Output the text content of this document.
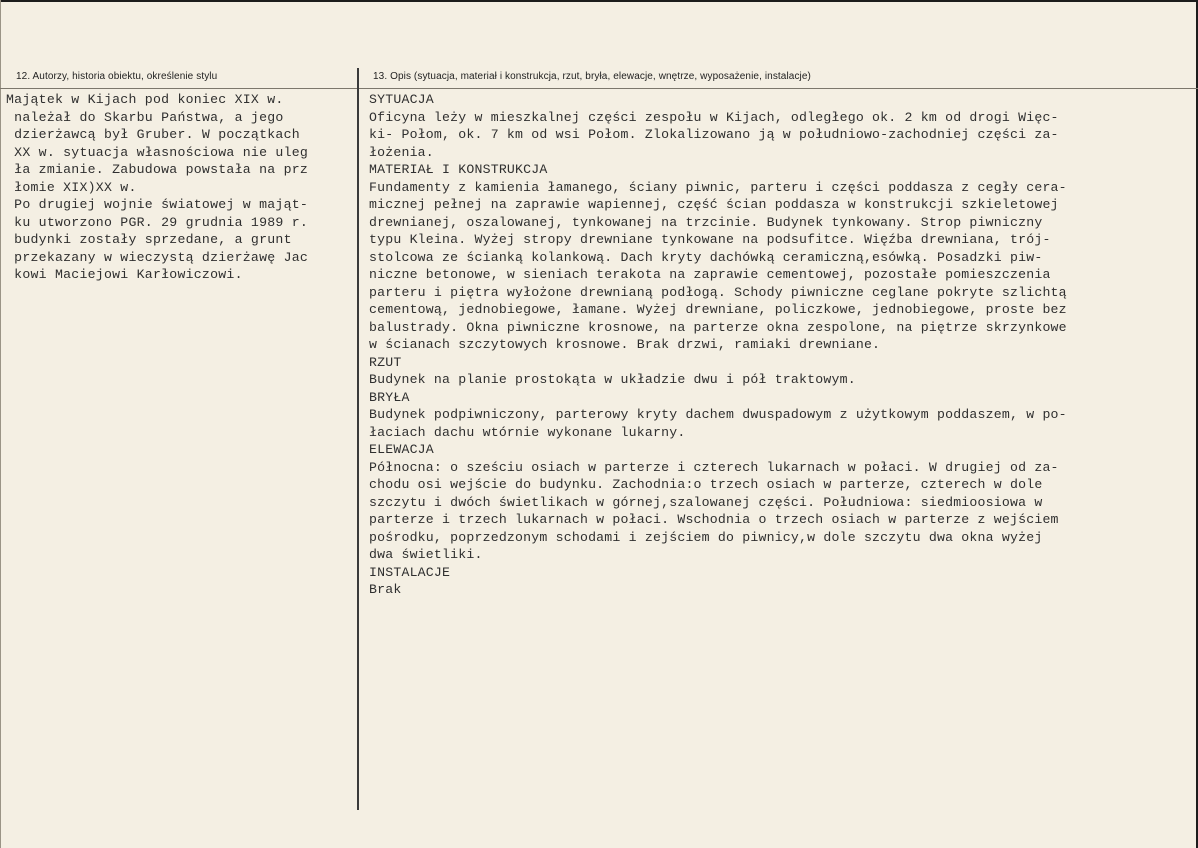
12. Autorzy, historia obiektu, określenie stylu	13. Opis (sytuacja, materiał i konstrukcja, rzut, bryła, elewacje, wnętrze, wyposażenie, instalacje)
Majątek w Kijach pod koniec XIX w.
należał do Skarbu Państwa, a jego
dzierżawcą był Gruber. W początkach
XX w. sytuacja własnościowa nie uleg
ła zmianie. Zabudowa powstała na prz
łomie XIX)XX w.
Po drugiej wojnie światowej w mająt-
ku utworzono PGR. 29 grudnia 1989 r.
budynki zostały sprzedane, a grunt
przekazany w wieczystą dzierżawę Jac
kowi Maciejowi Karłowiczowi.
SYTUACJA
Oficyna leży w mieszkalnej części zespołu w Kijach, odległego ok. 2 km od drogi Więc-
ki- Połom, ok. 7 km od wsi Połom. Zlokalizowano ją w południowo-zachodniej części za-
łożenia.
MATERIAŁ I KONSTRUKCJA
Fundamenty z kamienia łamanego, ściany piwnic, parteru i części poddasza z cegły cera-
micznej pełnej na zaprawie wapiennej, część ścian poddasza w konstrukcji szkieletowej
drewnianej, oszalowanej, tynkowanej na trzcinie. Budynek tynkowany. Strop piwniczny
typu Kleina. Wyżej stropy drewniane tynkowane na podsufitce. Więźba drewniana, trój-
stolcowa ze ścianką kolankową. Dach kryty dachówką ceramiczną,esówką. Posadzki piw-
niczne betonowe, w sieniach terakota na zaprawie cementowej, pozostałe pomieszczenia
parteru i piętra wyłożone drewnianą podłogą. Schody piwniczne ceglane pokryte szlichtą
cementową, jednobiegowe, łamane. Wyżej drewniane, policzkowe, jednobiegowe, proste bez
balustrady. Okna piwniczne krosnowe, na parterze okna zespolone, na piętrze skrzynkowe
w ścianach szczytowych krosnowe. Brak drzwi, ramiaki drewniane.
RZUT
Budynek na planie prostokąta w układzie dwu i pół traktowym.
BRYŁA
Budynek podpiwniczony, parterowy kryty dachem dwuspadowym z użytkowym poddaszem, w po-
łaciach dachu wtórnie wykonane lukarny.
ELEWACJA
Północna: o sześciu osiach w parterze i czterech lukarnach w połaci. W drugiej od za-
chodu osi wejście do budynku. Zachodnia:o trzech osiach w parterze, czterech w dole
szczytu i dwóch świetlikach w górnej,szalowanej części. Południowa: siedmioosiowa w
parterze i trzech lukarnach w połaci. Wschodnia o trzech osiach w parterze z wejściem
pośrodku, poprzedzonym schodami i zejściem do piwnicy,w dole szczytu dwa okna wyżej
dwa świetliki.
INSTALACJE
Brak
